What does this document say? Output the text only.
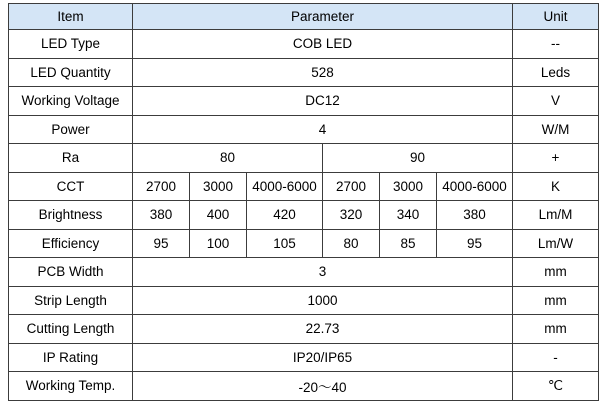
Item	Parameter						Unit
LED Type	COB LED						--
LED Quantity	528						Leds
Working Voltage	DC12						V
Power	4						W/M
Ra	80			90			+
CCT	2700	3000	4000-6000	2700	3000	4000-6000	K
Brightness	380	400	420	320	340	380	Lm/M
Efficiency	95	100	105	80	85	95	Lm/W
PCB Width	3						mm
Strip Length	1000						mm
Cutting Length	22.73						mm
IP Rating	IP20/IP65						-
Working Temp.	-20～40						℃
